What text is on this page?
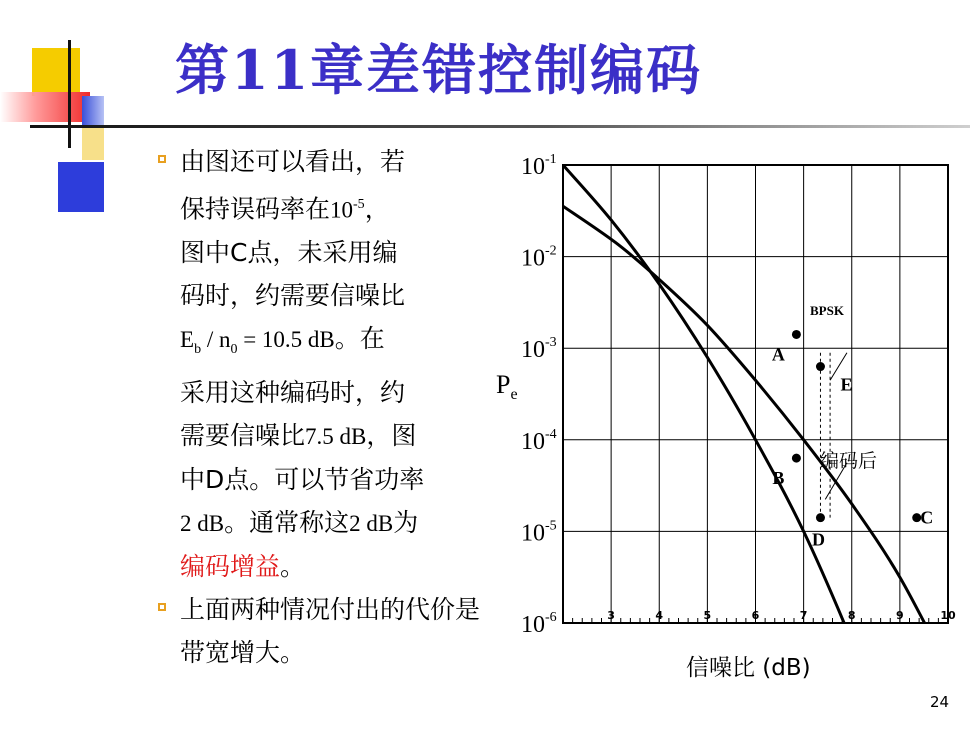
第11章差错控制编码
由图还可以看出，若
保持误码率在$10^{-5}$，
图中C点，未采用编
码时，约需要信噪比
$E_b / n_0 = 10.5$ dB。在
采用这种编码时，约
需要信噪比7.5 dB，图
中D点。可以节省功率
2 dB。通常称这2 dB为
编码增益。
上面两种情况付出的代价是带宽增大。
$10^{-1}$
$10^{-2}$
$10^{-3}$
$10^{-4}$
$10^{-5}$
$10^{-6}$	3	4	5	6	7	8	9	10
A
E
B
D
C
$P_e$
信噪比 (dB)
BPSK
编码后
24
